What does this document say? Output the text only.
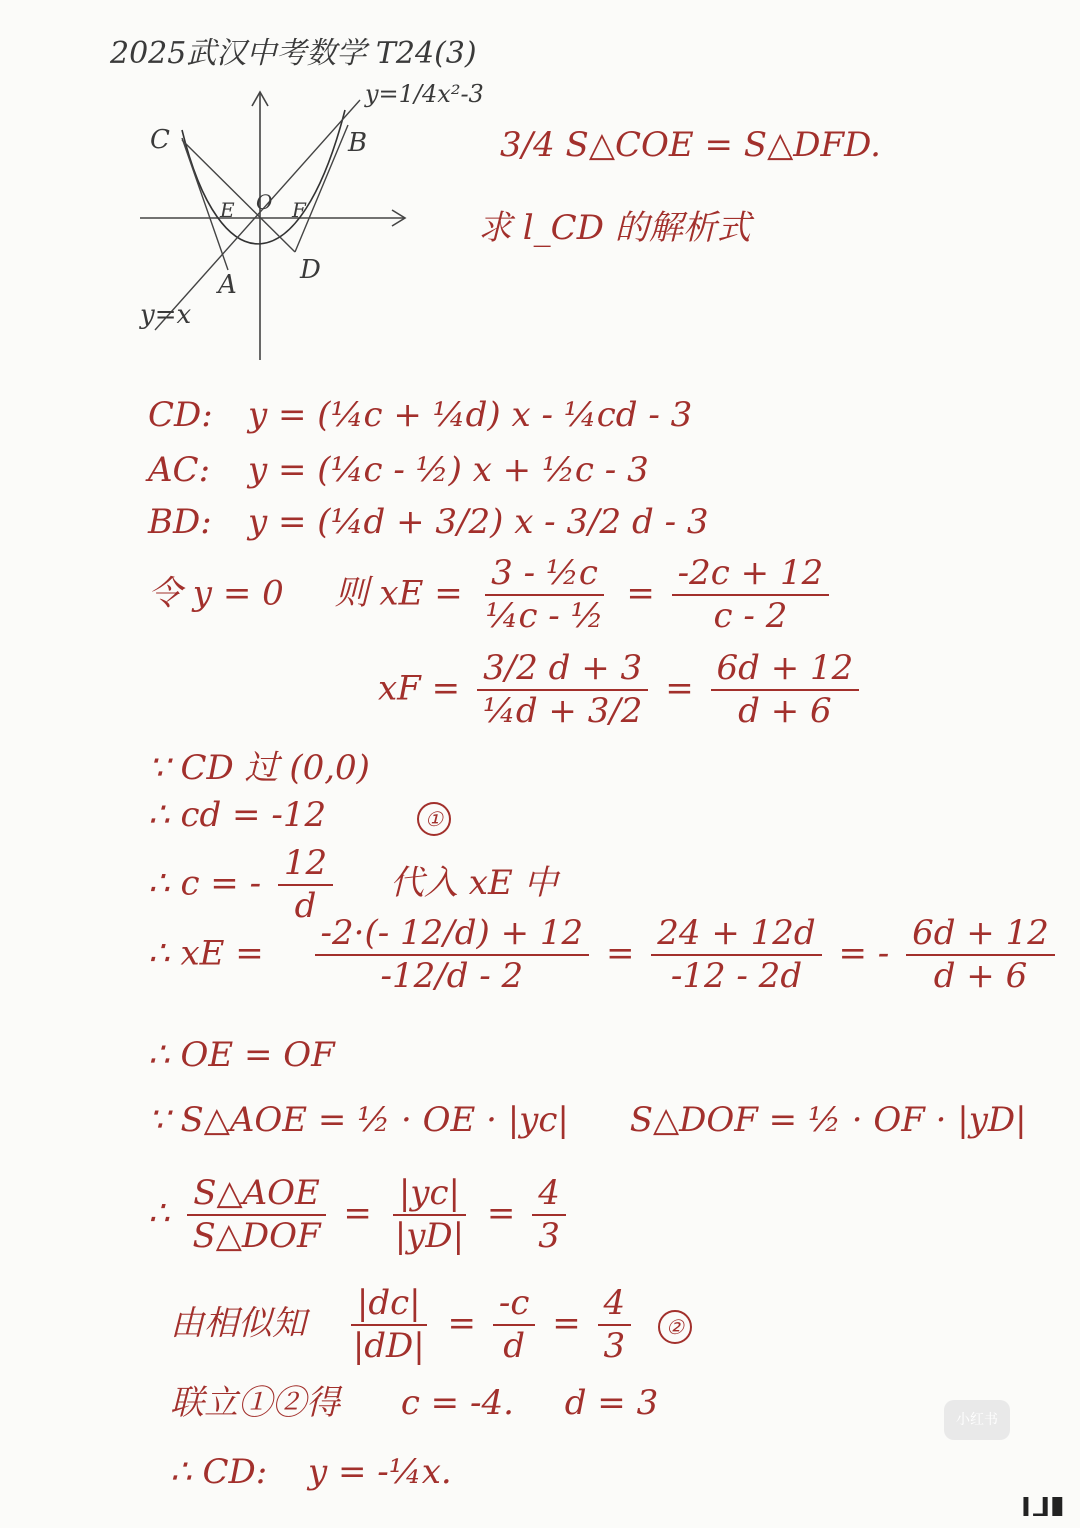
2025武汉中考数学 T24(3)
y=1/4x²-3
C	B
O
E	F
A D
y=x
3/4 S△COE = S△DFD.
求 l_CD 的解析式
CD: y = (¼c + ¼d) x - ¼cd - 3
AC: y = (¼c - ½) x + ½c - 3
BD: y = (¼d + 3/2) x - 3/2 d - 3
令 y = 0 则 xE = $\frac{\text{3 - ½c}}{\text{¼c - ½}} = \frac{-2c + 12}{c - 2}$
xF = $\frac{3/2 d + 3}{\text{¼d + 3/2}} = \frac{6d + 12}{d + 6}$
∵ CD 过 (0,0)
∴ cd = -12	①
∴ c = - $\frac{12}{d}$ 代入 xE 中
∴ xE = $\frac{-2\cdot(- 12/d) + 12}{-12/d - 2} = \frac{24 + 12d}{-12 - 2d}$ = - $\frac{6d + 12}{d + 6}$
∴ OE = OF
∵ S△AOE = ½ · OE · |yc| S△DOF = ½ · OF · |yD|
∴ $\frac{\text{S△AOE}}{\text{S△DOF}} = \frac{|yc|}{|yD|} = \frac{4}{3}$
由相似知 $\frac{|dc|}{|dD|} = \frac{-c}{d} = \frac{4}{3}$ ②
联立①②得 c = -4. d = 3
∴ CD: y = -¼x.
小红书
▌▁▌█
